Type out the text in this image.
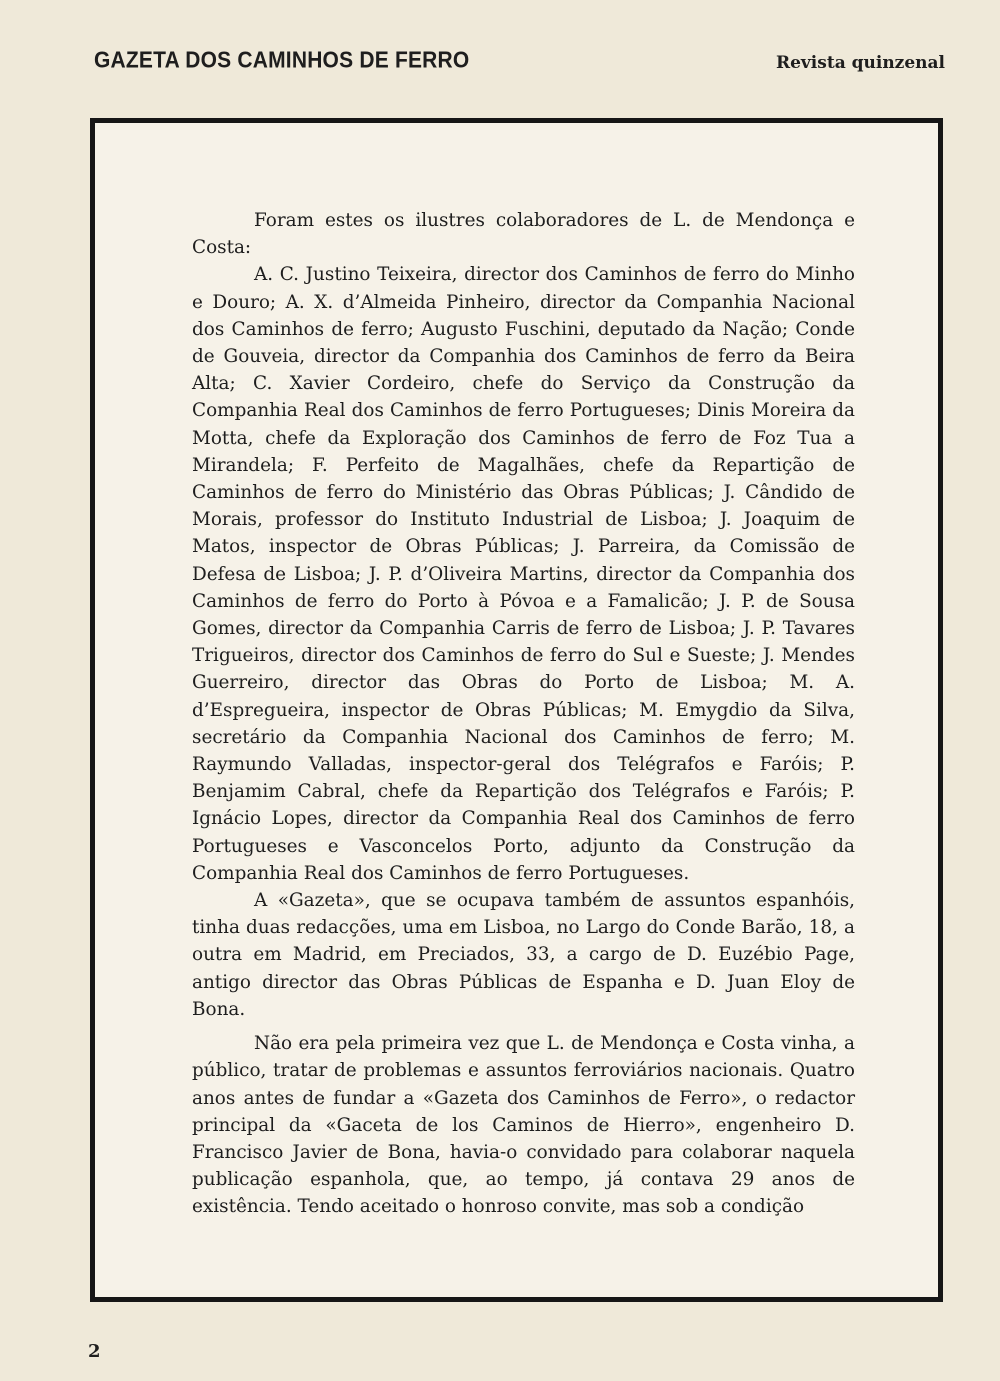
GAZETA DOS CAMINHOS DE FERRO	Revista quinzenal

Foram estes os ilustres colaboradores de L. de Mendonça e Costa:

A. C. Justino Teixeira, director dos Caminhos de ferro do Minho e Douro; A. X. d’Almeida Pinheiro, director da Companhia Nacional dos Caminhos de ferro; Augusto Fuschini, deputado da Nação; Conde de Gouveia, director da Companhia dos Caminhos de ferro da Beira Alta; C. Xavier Cordeiro, chefe do Serviço da Construção da Companhia Real dos Caminhos de ferro Portugueses; Dinis Moreira da Motta, chefe da Exploração dos Caminhos de ferro de Foz Tua a Mirandela; F. Perfeito de Magalhães, chefe da Repartição de Caminhos de ferro do Ministério das Obras Públicas; J. Cândido de Morais, professor do Instituto Industrial de Lisboa; J. Joaquim de Matos, inspector de Obras Públicas; J. Parreira, da Comissão de Defesa de Lisboa; J. P. d’Oliveira Martins, director da Companhia dos Caminhos de ferro do Porto à Póvoa e a Famalicão; J. P. de Sousa Gomes, director da Companhia Carris de ferro de Lisboa; J. P. Tavares Trigueiros, director dos Caminhos de ferro do Sul e Sueste; J. Mendes Guerreiro, director das Obras do Porto de Lisboa; M. A. d’Espregueira, inspector de Obras Públicas; M. Emygdio da Silva, secretário da Companhia Nacional dos Caminhos de ferro; M. Raymundo Valladas, inspector-geral dos Telégrafos e Faróis; P. Benjamim Cabral, chefe da Repartição dos Telégrafos e Faróis; P. Ignácio Lopes, director da Companhia Real dos Caminhos de ferro Portugueses e Vasconcelos Porto, adjunto da Construção da Companhia Real dos Caminhos de ferro Portugueses.

A «Gazeta», que se ocupava também de assuntos espanhóis, tinha duas redacções, uma em Lisboa, no Largo do Conde Barão, 18, a outra em Madrid, em Preciados, 33, a cargo de D. Euzébio Page, antigo director das Obras Públicas de Espanha e D. Juan Eloy de Bona.

Não era pela primeira vez que L. de Mendonça e Costa vinha, a público, tratar de problemas e assuntos ferroviários nacionais. Quatro anos antes de fundar a «Gazeta dos Caminhos de Ferro», o redactor principal da «Gaceta de los Caminos de Hierro», engenheiro D. Francisco Javier de Bona, havia-o convidado para colaborar naquela publicação espanhola, que, ao tempo, já contava 29 anos de existência. Tendo aceitado o honroso convite, mas sob a condição

2
